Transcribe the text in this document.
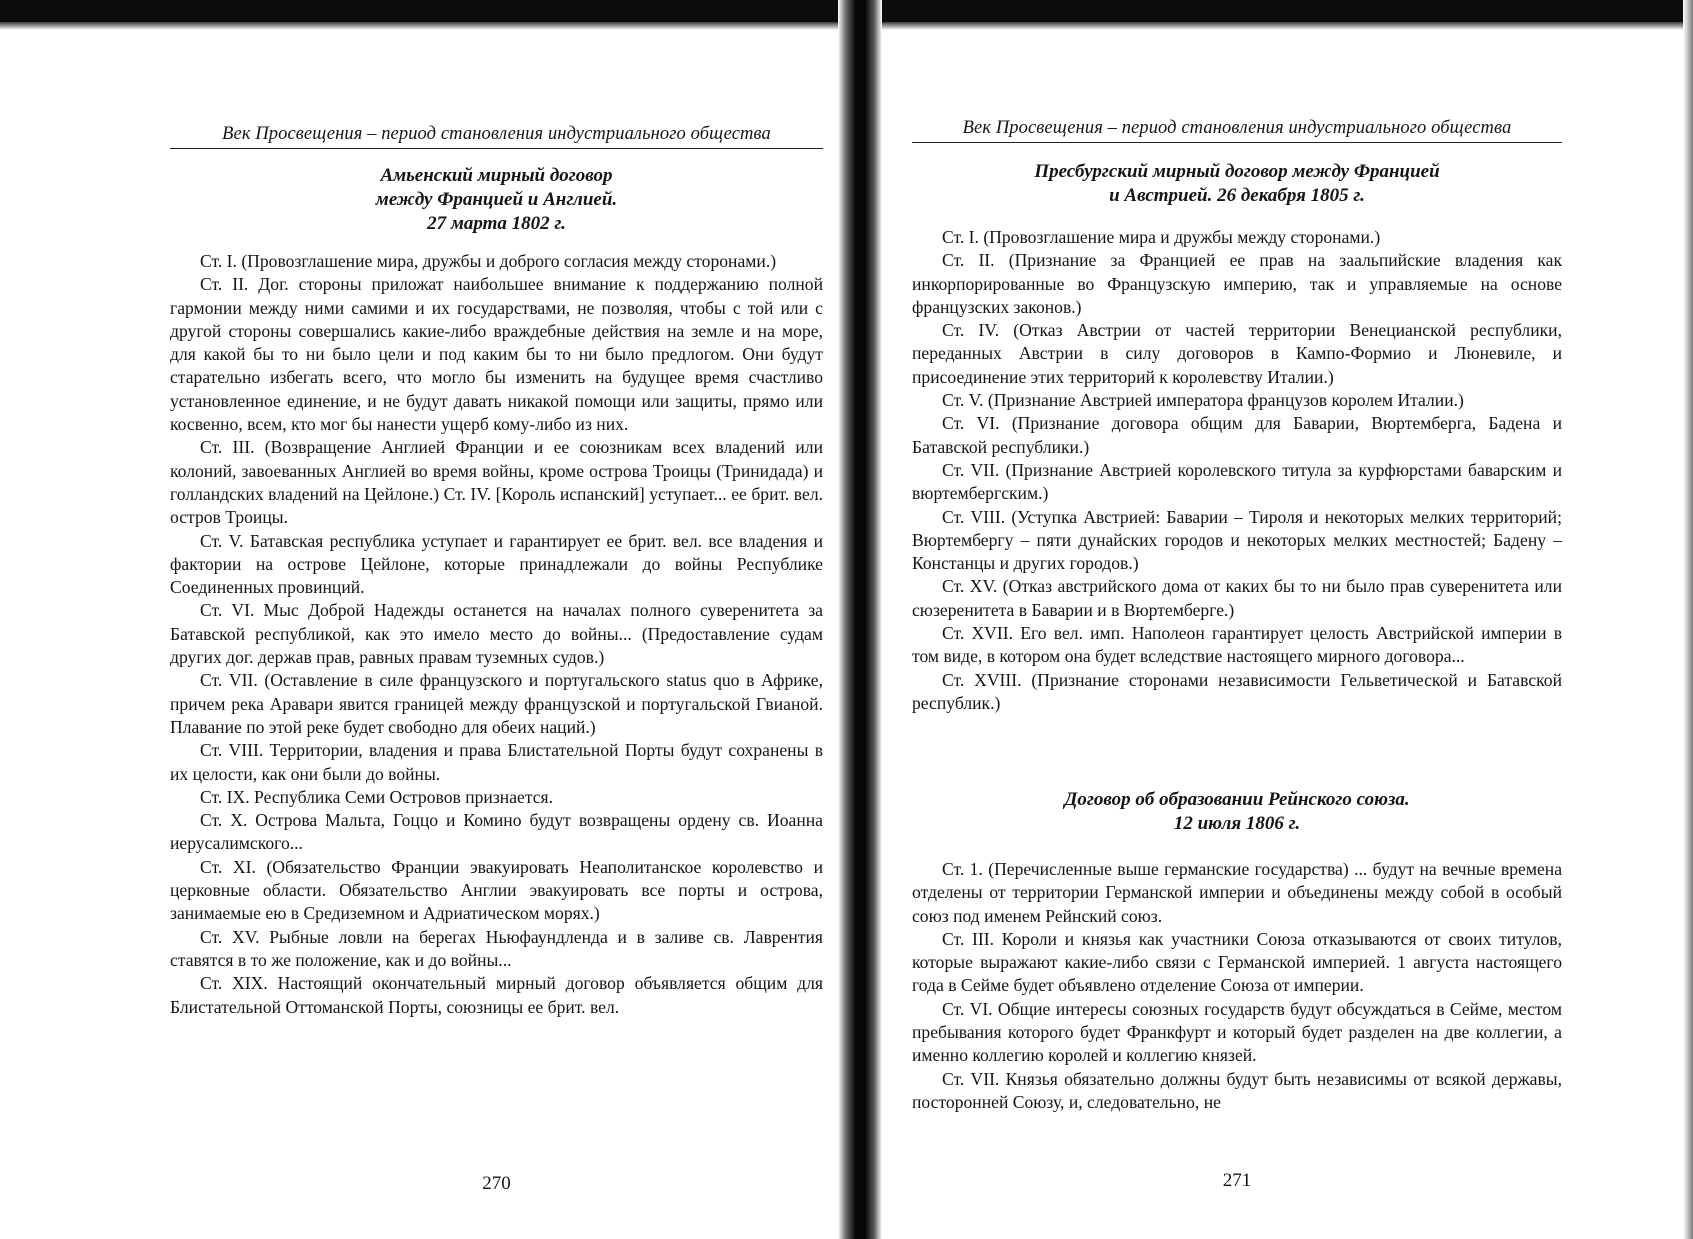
Век Просвещения – период становления индустриального общества
Амьенский мирный договор
между Францией и Англией.
27 марта 1802 г.

Ст. I. (Провозглашение мира, дружбы и доброго согласия между сторонами.)

Ст. II. Дог. стороны приложат наибольшее внимание к поддержанию полной гармонии между ними самими и их государствами, не позволяя, чтобы с той или с другой стороны совершались какие-либо враждебные действия на земле и на море, для какой бы то ни было цели и под каким бы то ни было предлогом. Они будут старательно избегать всего, что могло бы изменить на будущее время счастливо установленное единение, и не будут давать никакой помощи или защиты, прямо или косвенно, всем, кто мог бы нанести ущерб кому-либо из них.

Ст. III. (Возвращение Англией Франции и ее союзникам всех владений или колоний, завоеванных Англией во время войны, кроме острова Троицы (Тринидада) и голландских владений на Цейлоне.) Ст. IV. [Король испанский] уступает... ее брит. вел. остров Троицы.

Ст. V. Батавская республика уступает и гарантирует ее брит. вел. все владения и фактории на острове Цейлоне, которые принадлежали до войны Республике Соединенных провинций.

Ст. VI. Мыс Доброй Надежды останется на началах полного суверенитета за Батавской республикой, как это имело место до войны... (Предоставление судам других дог. держав прав, равных правам туземных судов.)

Ст. VII. (Оставление в силе французского и португальского status quo в Африке, причем река Аравари явится границей между французской и португальской Гвианой. Плавание по этой реке будет свободно для обеих наций.)

Ст. VIII. Территории, владения и права Блистательной Порты будут сохранены в их целости, как они были до войны.

Ст. IX. Республика Семи Островов признается.

Ст. X. Острова Мальта, Гоццо и Комино будут возвращены ордену св. Иоанна иерусалимского...

Ст. XI. (Обязательство Франции эвакуировать Неаполитанское королевство и церковные области. Обязательство Англии эвакуировать все порты и острова, занимаемые ею в Средиземном и Адриатическом морях.)

Ст. XV. Рыбные ловли на берегах Ньюфаундленда и в заливе св. Лаврентия ставятся в то же положение, как и до войны...

Ст. XIX. Настоящий окончательный мирный договор объявляется общим для Блистательной Оттоманской Порты, союзницы ее брит. вел.

270
Век Просвещения – период становления индустриального общества
Пресбургский мирный договор между Францией
и Австрией. 26 декабря 1805 г.

Ст. I. (Провозглашение мира и дружбы между сторонами.)

Ст. II. (Признание за Францией ее прав на заальпийские владения как инкорпорированные во Французскую империю, так и управляемые на основе французских законов.)

Ст. IV. (Отказ Австрии от частей территории Венецианской республики, переданных Австрии в силу договоров в Кампо-Формио и Люневиле, и присоединение этих территорий к королевству Италии.)

Ст. V. (Признание Австрией императора французов королем Италии.)

Ст. VI. (Признание договора общим для Баварии, Вюртемберга, Бадена и Батавской республики.)

Ст. VII. (Признание Австрией королевского титула за курфюрстами баварским и вюртембергским.)

Ст. VIII. (Уступка Австрией: Баварии – Тироля и некоторых мелких территорий; Вюртембергу – пяти дунайских городов и некоторых мелких местностей; Бадену – Констанцы и других городов.)

Ст. XV. (Отказ австрийского дома от каких бы то ни было прав суверенитета или сюзеренитета в Баварии и в Вюртемберге.)

Ст. XVII. Его вел. имп. Наполеон гарантирует целость Австрийской империи в том виде, в котором она будет вследствие настоящего мирного договора...

Ст. XVIII. (Признание сторонами независимости Гельветической и Батавской республик.)

Договор об образовании Рейнского союза.
12 июля 1806 г.

Ст. 1. (Перечисленные выше германские государства) ... будут на вечные времена отделены от территории Германской империи и объединены между собой в особый союз под именем Рейнский союз.

Ст. III. Короли и князья как участники Союза отказываются от своих титулов, которые выражают какие-либо связи с Германской империей. 1 августа настоящего года в Сейме будет объявлено отделение Союза от империи.

Ст. VI. Общие интересы союзных государств будут обсуждаться в Сейме, местом пребывания которого будет Франкфурт и который будет разделен на две коллегии, а именно коллегию королей и коллегию князей.

Ст. VII. Князья обязательно должны будут быть независимы от всякой державы, посторонней Союзу, и, следовательно, не

271
